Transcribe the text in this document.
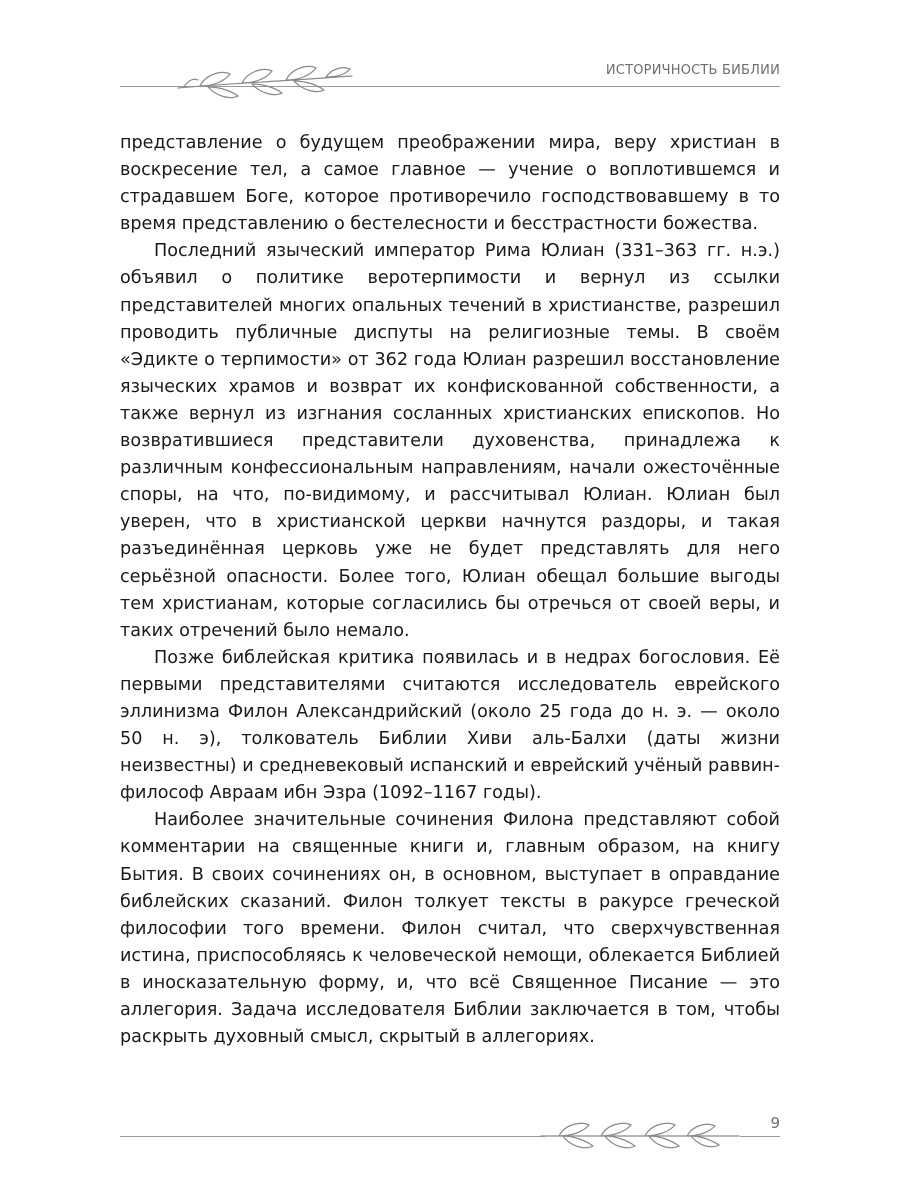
ИСТОРИЧНОСТЬ БИБЛИИ

представление о будущем преображении мира, веру христиан в воскресение тел, а самое главное — учение о воплотившемся и страдавшем Боге, которое противоречило господствовавшему в то время представлению о бестелесности и бесстрастности божества.

Последний языческий император Рима Юлиан (331–363 гг. н.э.) объявил о политике веротерпимости и вернул из ссылки представителей многих опальных течений в христианстве, разрешил проводить публичные диспуты на религиозные темы. В своём «Эдикте о терпимости» от 362 года Юлиан разрешил восстановление языческих храмов и возврат их конфискованной собственности, а также вернул из изгнания сосланных христианских епископов. Но возвратившиеся представители духовенства, принадлежа к различным конфессиональным направлениям, начали ожесточённые споры, на что, по-видимому, и рассчитывал Юлиан. Юлиан был уверен, что в христианской церкви начнутся раздоры, и такая разъединённая церковь уже не будет представлять для него серьёзной опасности. Более того, Юлиан обещал большие выгоды тем христианам, которые согласились бы отречься от своей веры, и таких отречений было немало.

Позже библейская критика появилась и в недрах богословия. Её первыми представителями считаются исследователь еврейского эллинизма Филон Александрийский (около 25 года до н. э. — около 50 н. э), толкователь Библии Хиви аль-Балхи (даты жизни неизвестны) и средневековый испанский и еврейский учёный раввин-философ Авраам ибн Эзра (1092–1167 годы).

Наиболее значительные сочинения Филона представляют собой комментарии на священные книги и, главным образом, на книгу Бытия. В своих сочинениях он, в основном, выступает в оправдание библейских сказаний. Филон толкует тексты в ракурсе греческой философии того времени. Филон считал, что сверхчувственная истина, приспособляясь к человеческой немощи, облекается Библией в иносказательную форму, и, что всё Священное Писание — это аллегория. Задача исследователя Библии заключается в том, чтобы раскрыть духовный смысл, скрытый в аллегориях.

9
